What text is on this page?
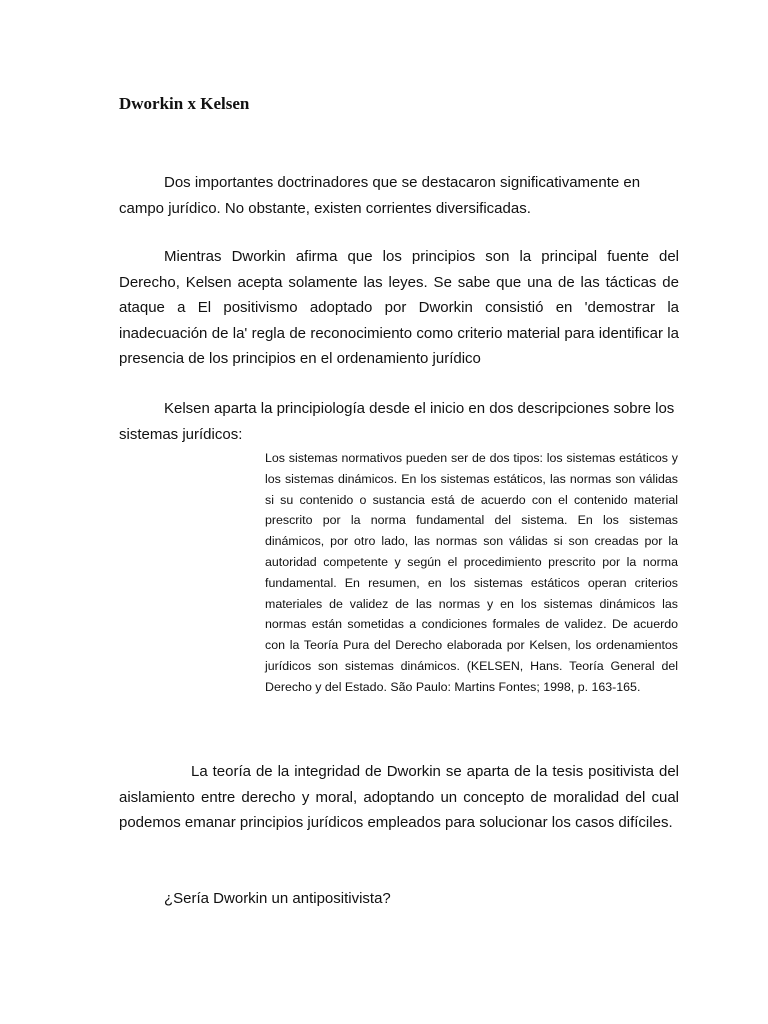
Dworkin x Kelsen

Dos importantes doctrinadores que se destacaron significativamente en campo jurídico. No obstante, existen corrientes diversificadas.

Mientras Dworkin afirma que los principios son la principal fuente del Derecho, Kelsen acepta solamente las leyes. Se sabe que una de las tácticas de ataque a El positivismo adoptado por Dworkin consistió en 'demostrar la inadecuación de la' regla de reconocimiento como criterio material para identificar la presencia de los principios en el ordenamiento jurídico

Kelsen aparta la principiología desde el inicio en dos descripciones sobre los sistemas jurídicos:

Los sistemas normativos pueden ser de dos tipos: los sistemas estáticos y los sistemas dinámicos. En los sistemas estáticos, las normas son válidas si su contenido o sustancia está de acuerdo con el contenido material prescrito por la norma fundamental del sistema. En los sistemas dinámicos, por otro lado, las normas son válidas si son creadas por la autoridad competente y según el procedimiento prescrito por la norma fundamental. En resumen, en los sistemas estáticos operan criterios materiales de validez de las normas y en los sistemas dinámicos las normas están sometidas a condiciones formales de validez. De acuerdo con la Teoría Pura del Derecho elaborada por Kelsen, los ordenamientos jurídicos son sistemas dinámicos. (KELSEN, Hans. Teoría General del Derecho y del Estado. São Paulo: Martins Fontes; 1998, p. 163-165.

La teoría de la integridad de Dworkin se aparta de la tesis positivista del aislamiento entre derecho y moral, adoptando un concepto de moralidad del cual podemos emanar principios jurídicos empleados para solucionar los casos difíciles.

¿Sería Dworkin un antipositivista?
